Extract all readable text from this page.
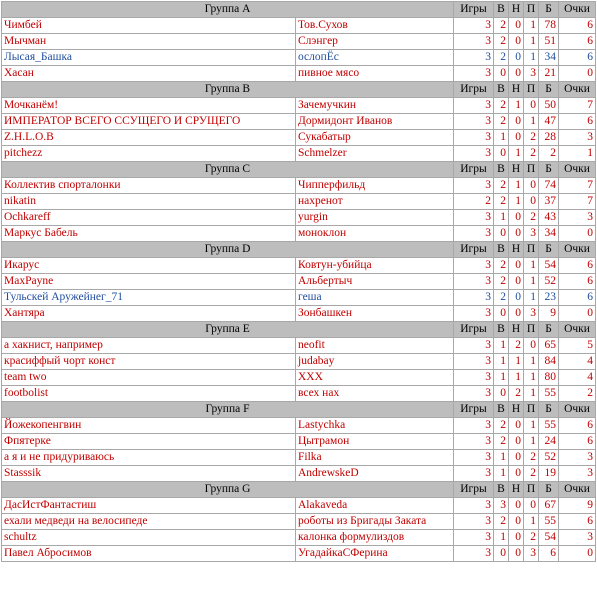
Группа А		Игры	В	Н	П	Б	Очки
Чимбей	Тов.Сухов	3	2	0	1	78	6
Мычман	Слэнгер	3	2	0	1	51	6
Лысая_Башка	ослопЁс	3	2	0	1	34	6
Хасан	пивное мясо	3	0	0	3	21	0
Группа В		Игры	В	Н	П	Б	Очки
Мочканём!	Зачемучкин	3	2	1	0	50	7
ИМПЕРАТОР ВСЕГО ССУЩЕГО И СРУЩЕГО	Дормидонт Иванов	3	2	0	1	47	6
Z.H.L.O.B	Сукабатыр	3	1	0	2	28	3
pitchezz	Schmelzer	3	0	1	2	2	1
Группа С		Игры	В	Н	П	Б	Очки
Коллектив спорталонки	Чипперфильд	3	2	1	0	74	7
nikatin	нахренот	2	2	1	0	37	7
Ochkareff	yurgin	3	1	0	2	43	3
Маркус Бабель	моноклон	3	0	0	3	34	0
Группа D		Игры	В	Н	П	Б	Очки
Икарус	Ковтун-убийца	3	2	0	1	54	6
MaxPayne	Альбертыч	3	2	0	1	52	6
Тульскей Аружейнег_71	геша	3	2	0	1	23	6
Хантяра	Зонбашкен	3	0	0	3	9	0
Группа E		Игры	В	Н	П	Б	Очки
а хакнист, например	neofit	3	1	2	0	65	5
красиффый чорт конст	judabay	3	1	1	1	84	4
team two	XXX	3	1	1	1	80	4
footbolist	всех нах	3	0	2	1	55	2
Группа F		Игры	В	Н	П	Б	Очки
Йожекопенгвин	Lastychka	3	2	0	1	55	6
Фпятерке	Цытрамон	3	2	0	1	24	6
а я и не придуриваюсь	Filka	3	1	0	2	52	3
Stasssik	AndrewskeD	3	1	0	2	19	3
Группа G		Игры	В	Н	П	Б	Очки
ДасИстФантастиш	Alakaveda	3	3	0	0	67	9
ехали медведи на велосипеде	роботы из Бригады Заката	3	2	0	1	55	6
schultz	калонка формулиздов	3	1	0	2	54	3
Павел Абросимов	УгадайкаСФерина	3	0	0	3	6	0
